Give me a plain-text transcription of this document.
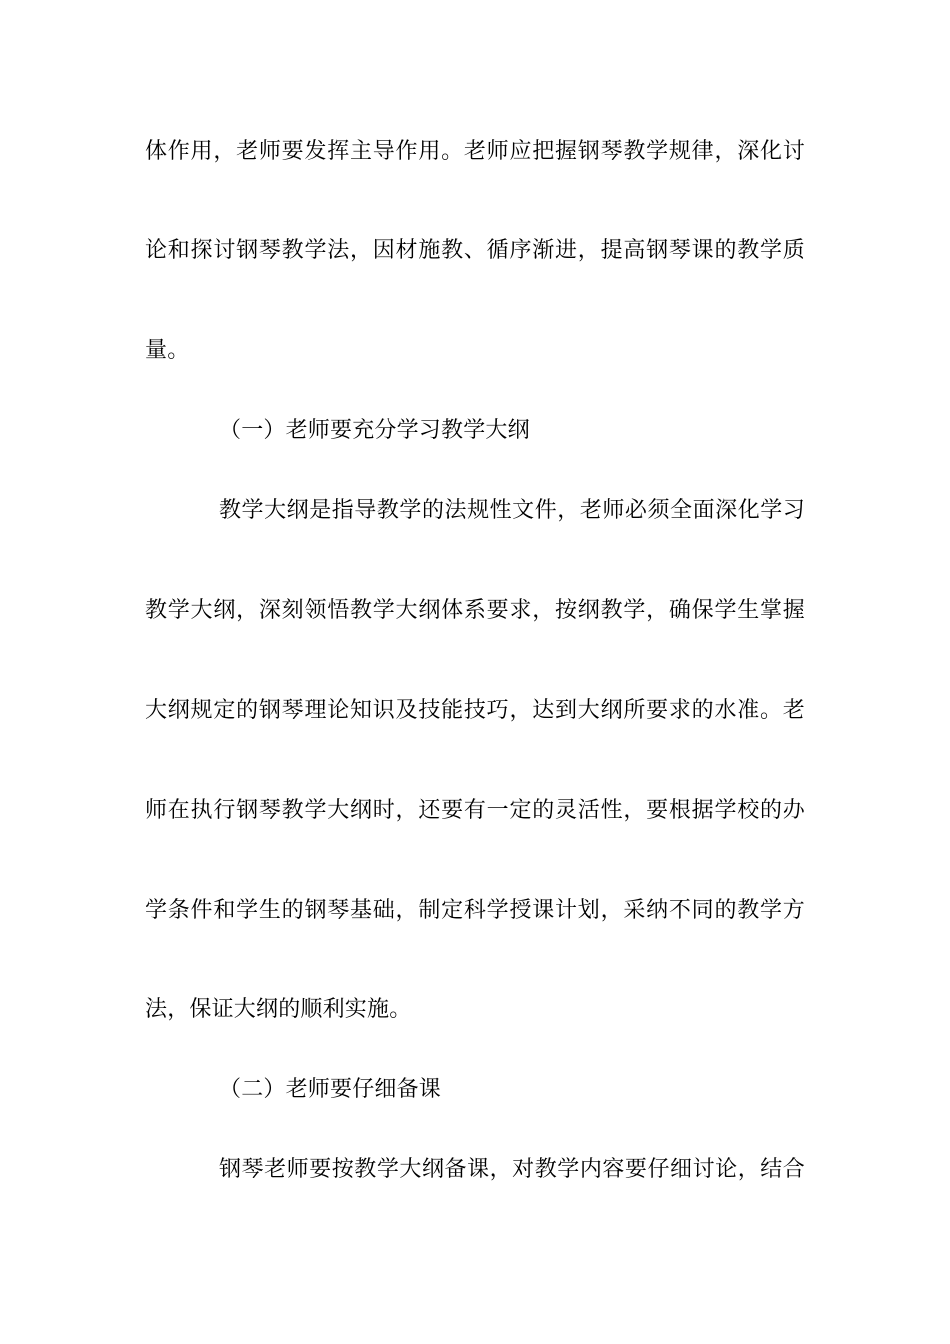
体作用，老师要发挥主导作用。老师应把握钢琴教学规律，深化讨
论和探讨钢琴教学法，因材施教、循序渐进，提高钢琴课的教学质
量。
（一）老师要充分学习教学大纲
教学大纲是指导教学的法规性文件，老师必须全面深化学习
教学大纲，深刻领悟教学大纲体系要求，按纲教学，确保学生掌握
大纲规定的钢琴理论知识及技能技巧，达到大纲所要求的水准。老
师在执行钢琴教学大纲时，还要有一定的灵活性，要根据学校的办
学条件和学生的钢琴基础，制定科学授课计划，采纳不同的教学方
法，保证大纲的顺利实施。
（二）老师要仔细备课
钢琴老师要按教学大纲备课，对教学内容要仔细讨论，结合
